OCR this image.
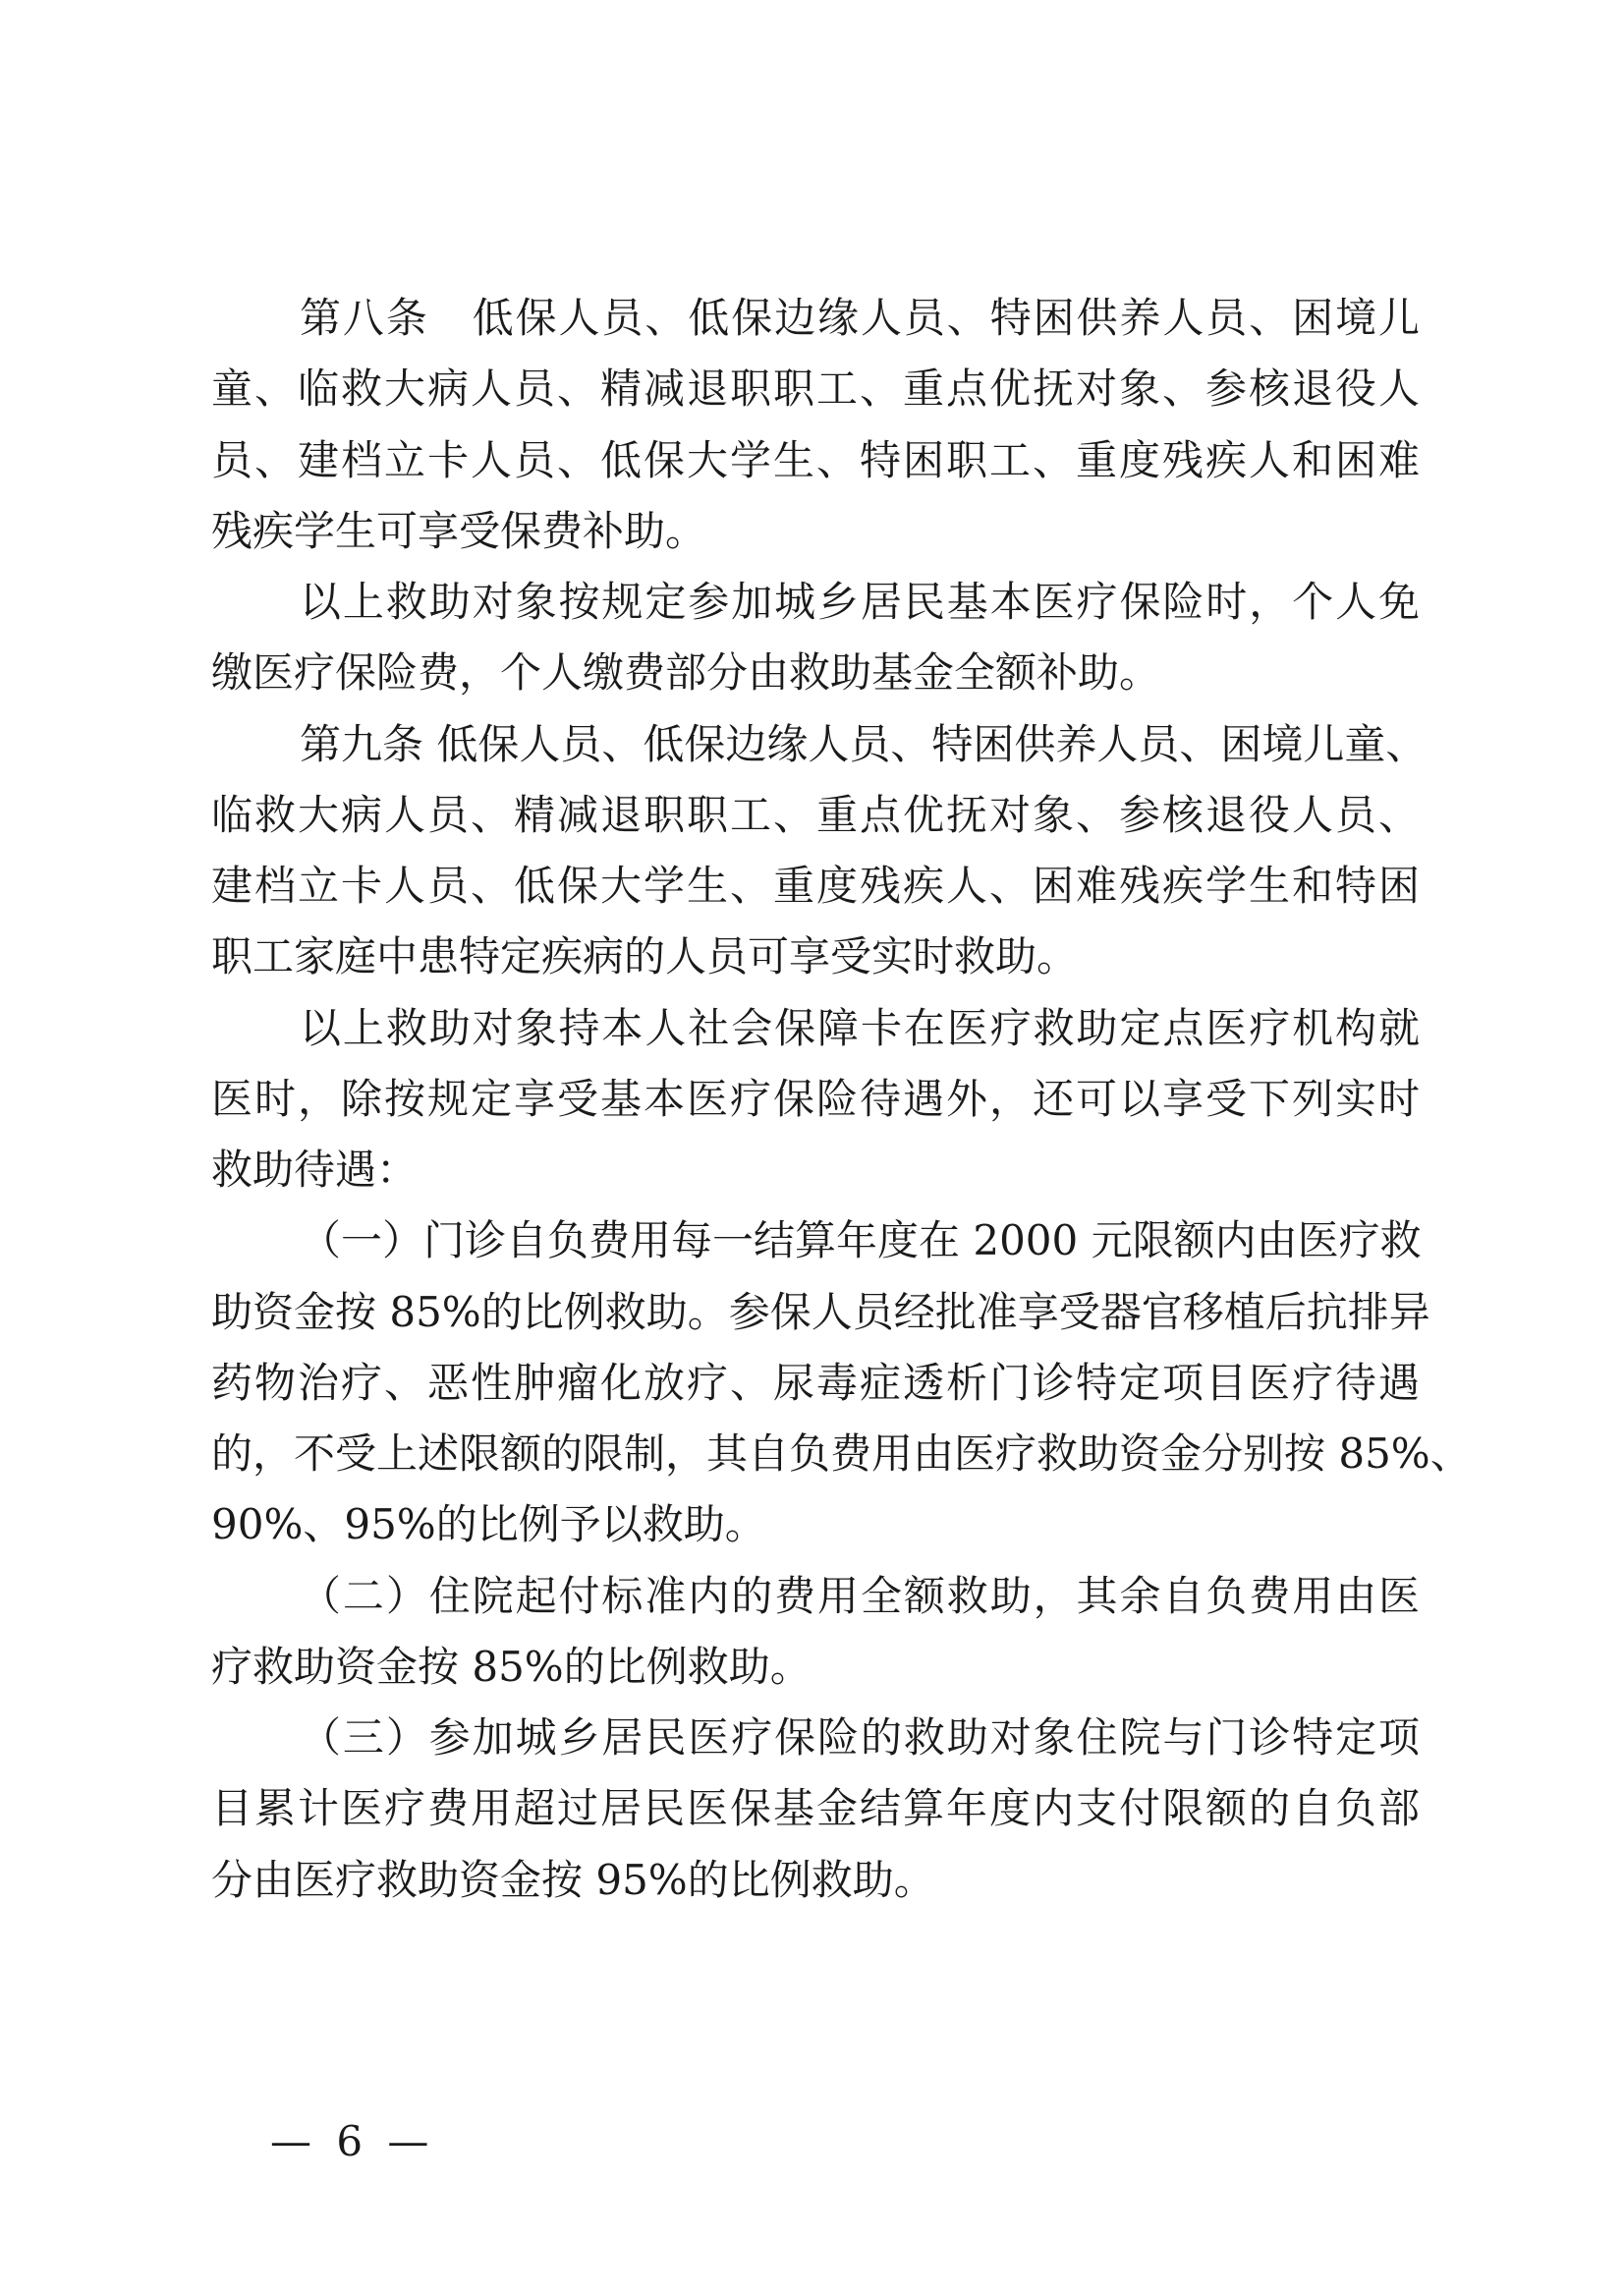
第八条　低保人员、低保边缘人员、特困供养人员、困境儿
童、临救大病人员、精减退职职工、重点优抚对象、参核退役人
员、建档立卡人员、低保大学生、特困职工、重度残疾人和困难
残疾学生可享受保费补助。
以上救助对象按规定参加城乡居民基本医疗保险时，个人免
缴医疗保险费，个人缴费部分由救助基金全额补助。
第九条 低保人员、低保边缘人员、特困供养人员、困境儿童、
临救大病人员、精减退职职工、重点优抚对象、参核退役人员、
建档立卡人员、低保大学生、重度残疾人、困难残疾学生和特困
职工家庭中患特定疾病的人员可享受实时救助。
以上救助对象持本人社会保障卡在医疗救助定点医疗机构就
医时，除按规定享受基本医疗保险待遇外，还可以享受下列实时
救助待遇：
（一）门诊自负费用每一结算年度在 2000 元限额内由医疗救
助资金按 85%的比例救助。参保人员经批准享受器官移植后抗排异
药物治疗、恶性肿瘤化放疗、尿毒症透析门诊特定项目医疗待遇
的，不受上述限额的限制，其自负费用由医疗救助资金分别按 85%、
90%、95%的比例予以救助。
（二）住院起付标准内的费用全额救助，其余自负费用由医
疗救助资金按 85%的比例救助。
（三）参加城乡居民医疗保险的救助对象住院与门诊特定项
目累计医疗费用超过居民医保基金结算年度内支付限额的自负部
分由医疗救助资金按 95%的比例救助。
— 6 —
